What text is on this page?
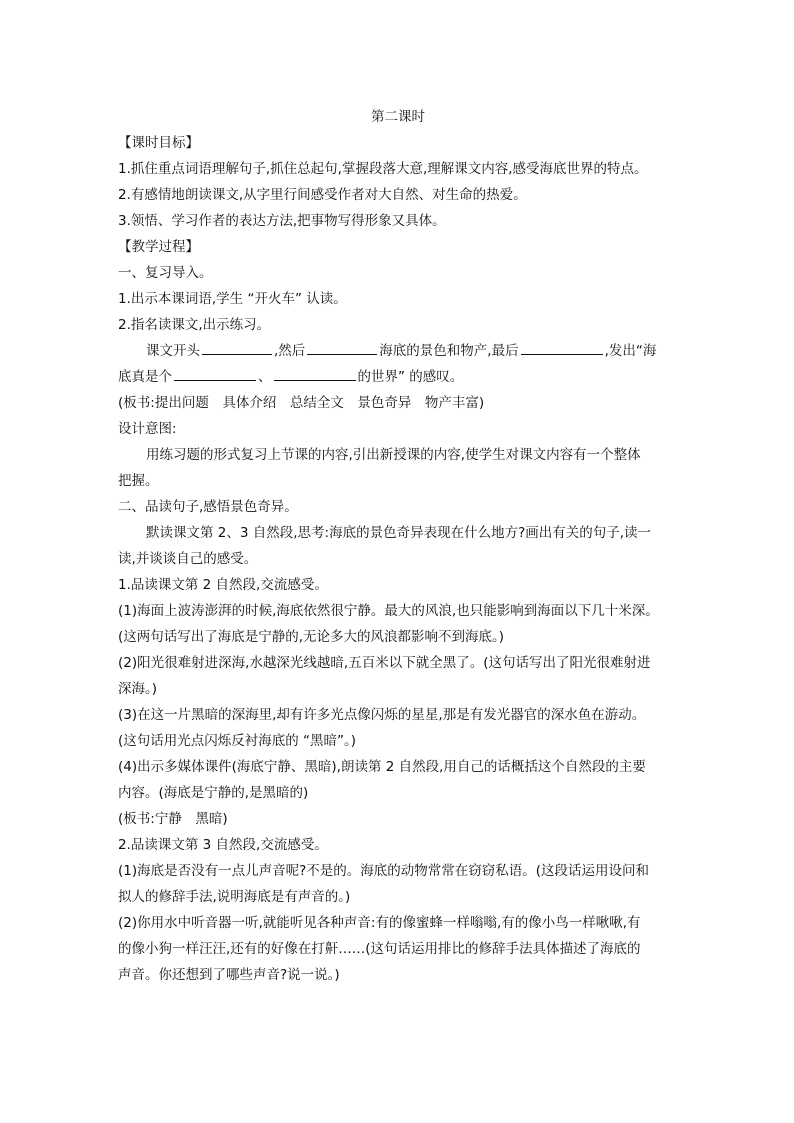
第二课时
【课时目标】
1.抓住重点词语理解句子,抓住总起句,掌握段落大意,理解课文内容,感受海底世界的特点。
2.有感情地朗读课文,从字里行间感受作者对大自然、对生命的热爱。
3.领悟、学习作者的表达方法,把事物写得形象又具体。
【教学过程】
一、复习导入。
1.出示本课词语,学生 “开火车” 认读。
2.指名读课文,出示练习。
课文开头	,然后	海底的景色和物产,最后	,发出“海
底真是个	、	的世界” 的感叹。
(板书:提出问题　具体介绍　总结全文　景色奇异　物产丰富)
设计意图:
用练习题的形式复习上节课的内容,引出新授课的内容,使学生对课文内容有一个整体
把握。
二、品读句子,感悟景色奇异。
默读课文第 2、3 自然段,思考:海底的景色奇异表现在什么地方?画出有关的句子,读一
读,并谈谈自己的感受。
1.品读课文第 2 自然段,交流感受。
(1)海面上波涛澎湃的时候,海底依然很宁静。最大的风浪,也只能影响到海面以下几十米深。
(这两句话写出了海底是宁静的,无论多大的风浪都影响不到海底。)
(2)阳光很难射进深海,水越深光线越暗,五百米以下就全黑了。(这句话写出了阳光很难射进
深海。)
(3)在这一片黑暗的深海里,却有许多光点像闪烁的星星,那是有发光器官的深水鱼在游动。
(这句话用光点闪烁反衬海底的 “黑暗”。)
(4)出示多媒体课件(海底宁静、黑暗),朗读第 2 自然段,用自己的话概括这个自然段的主要
内容。(海底是宁静的,是黑暗的)
(板书:宁静　黑暗)
2.品读课文第 3 自然段,交流感受。
(1)海底是否没有一点儿声音呢?不是的。海底的动物常常在窃窃私语。(这段话运用设问和
拟人的修辞手法,说明海底是有声音的。)
(2)你用水中听音器一听,就能听见各种声音:有的像蜜蜂一样嗡嗡,有的像小鸟一样啾啾,有
的像小狗一样汪汪,还有的好像在打鼾……(这句话运用排比的修辞手法具体描述了海底的
声音。你还想到了哪些声音?说一说。)
